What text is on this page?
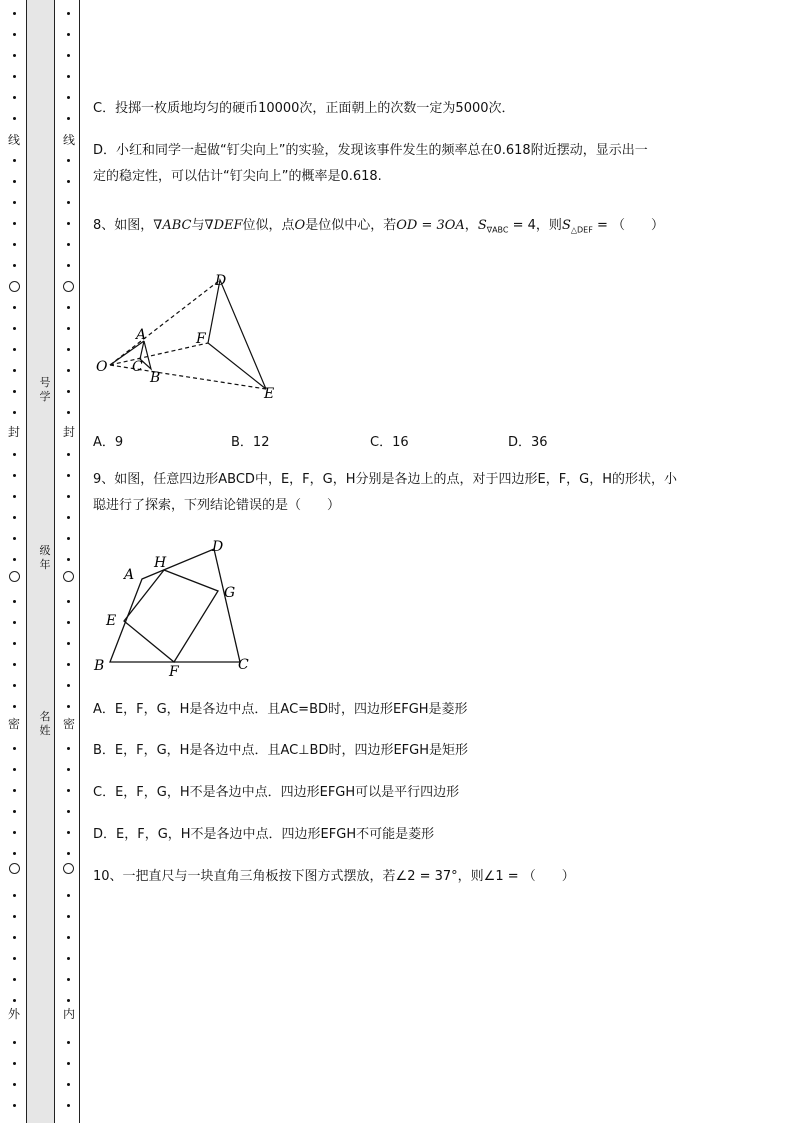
线
封
密
外
号学
级年
名姓
线
封
密
内
C．投掷一枚质地均匀的硬币10000次，正面朝上的次数一定为5000次．
D．小红和同学一起做“钉尖向上”的实验，发现该事件发生的频率总在0.618附近摆动，显示出一
定的稳定性，可以估计“钉尖向上”的概率是0.618.
8、如图，∇ABC与∇DEF位似，点O是位似中心，若OD = 3OA，$S_{\nabla ABC} = 4$，则$S_{\triangle DEF}$ = （　　）
D
A	F
O C
B
E
A．9	B．12	C．16	D．36
9、如图，任意四边形ABCD中，E，F，G，H分别是各边上的点，对于四边形E，F，G，H的形状，小
聪进行了探索，下列结论错误的是（　　）
A
H
D
G
E
B	F	C
A．E，F，G，H是各边中点．且AC=BD时，四边形EFGH是菱形
B．E，F，G，H是各边中点．且AC⊥BD时，四边形EFGH是矩形
C．E，F，G，H不是各边中点．四边形EFGH可以是平行四边形
D．E，F，G，H不是各边中点．四边形EFGH不可能是菱形
10、一把直尺与一块直角三角板按下图方式摆放，若∠2 = 37°，则∠1 = （　　）
